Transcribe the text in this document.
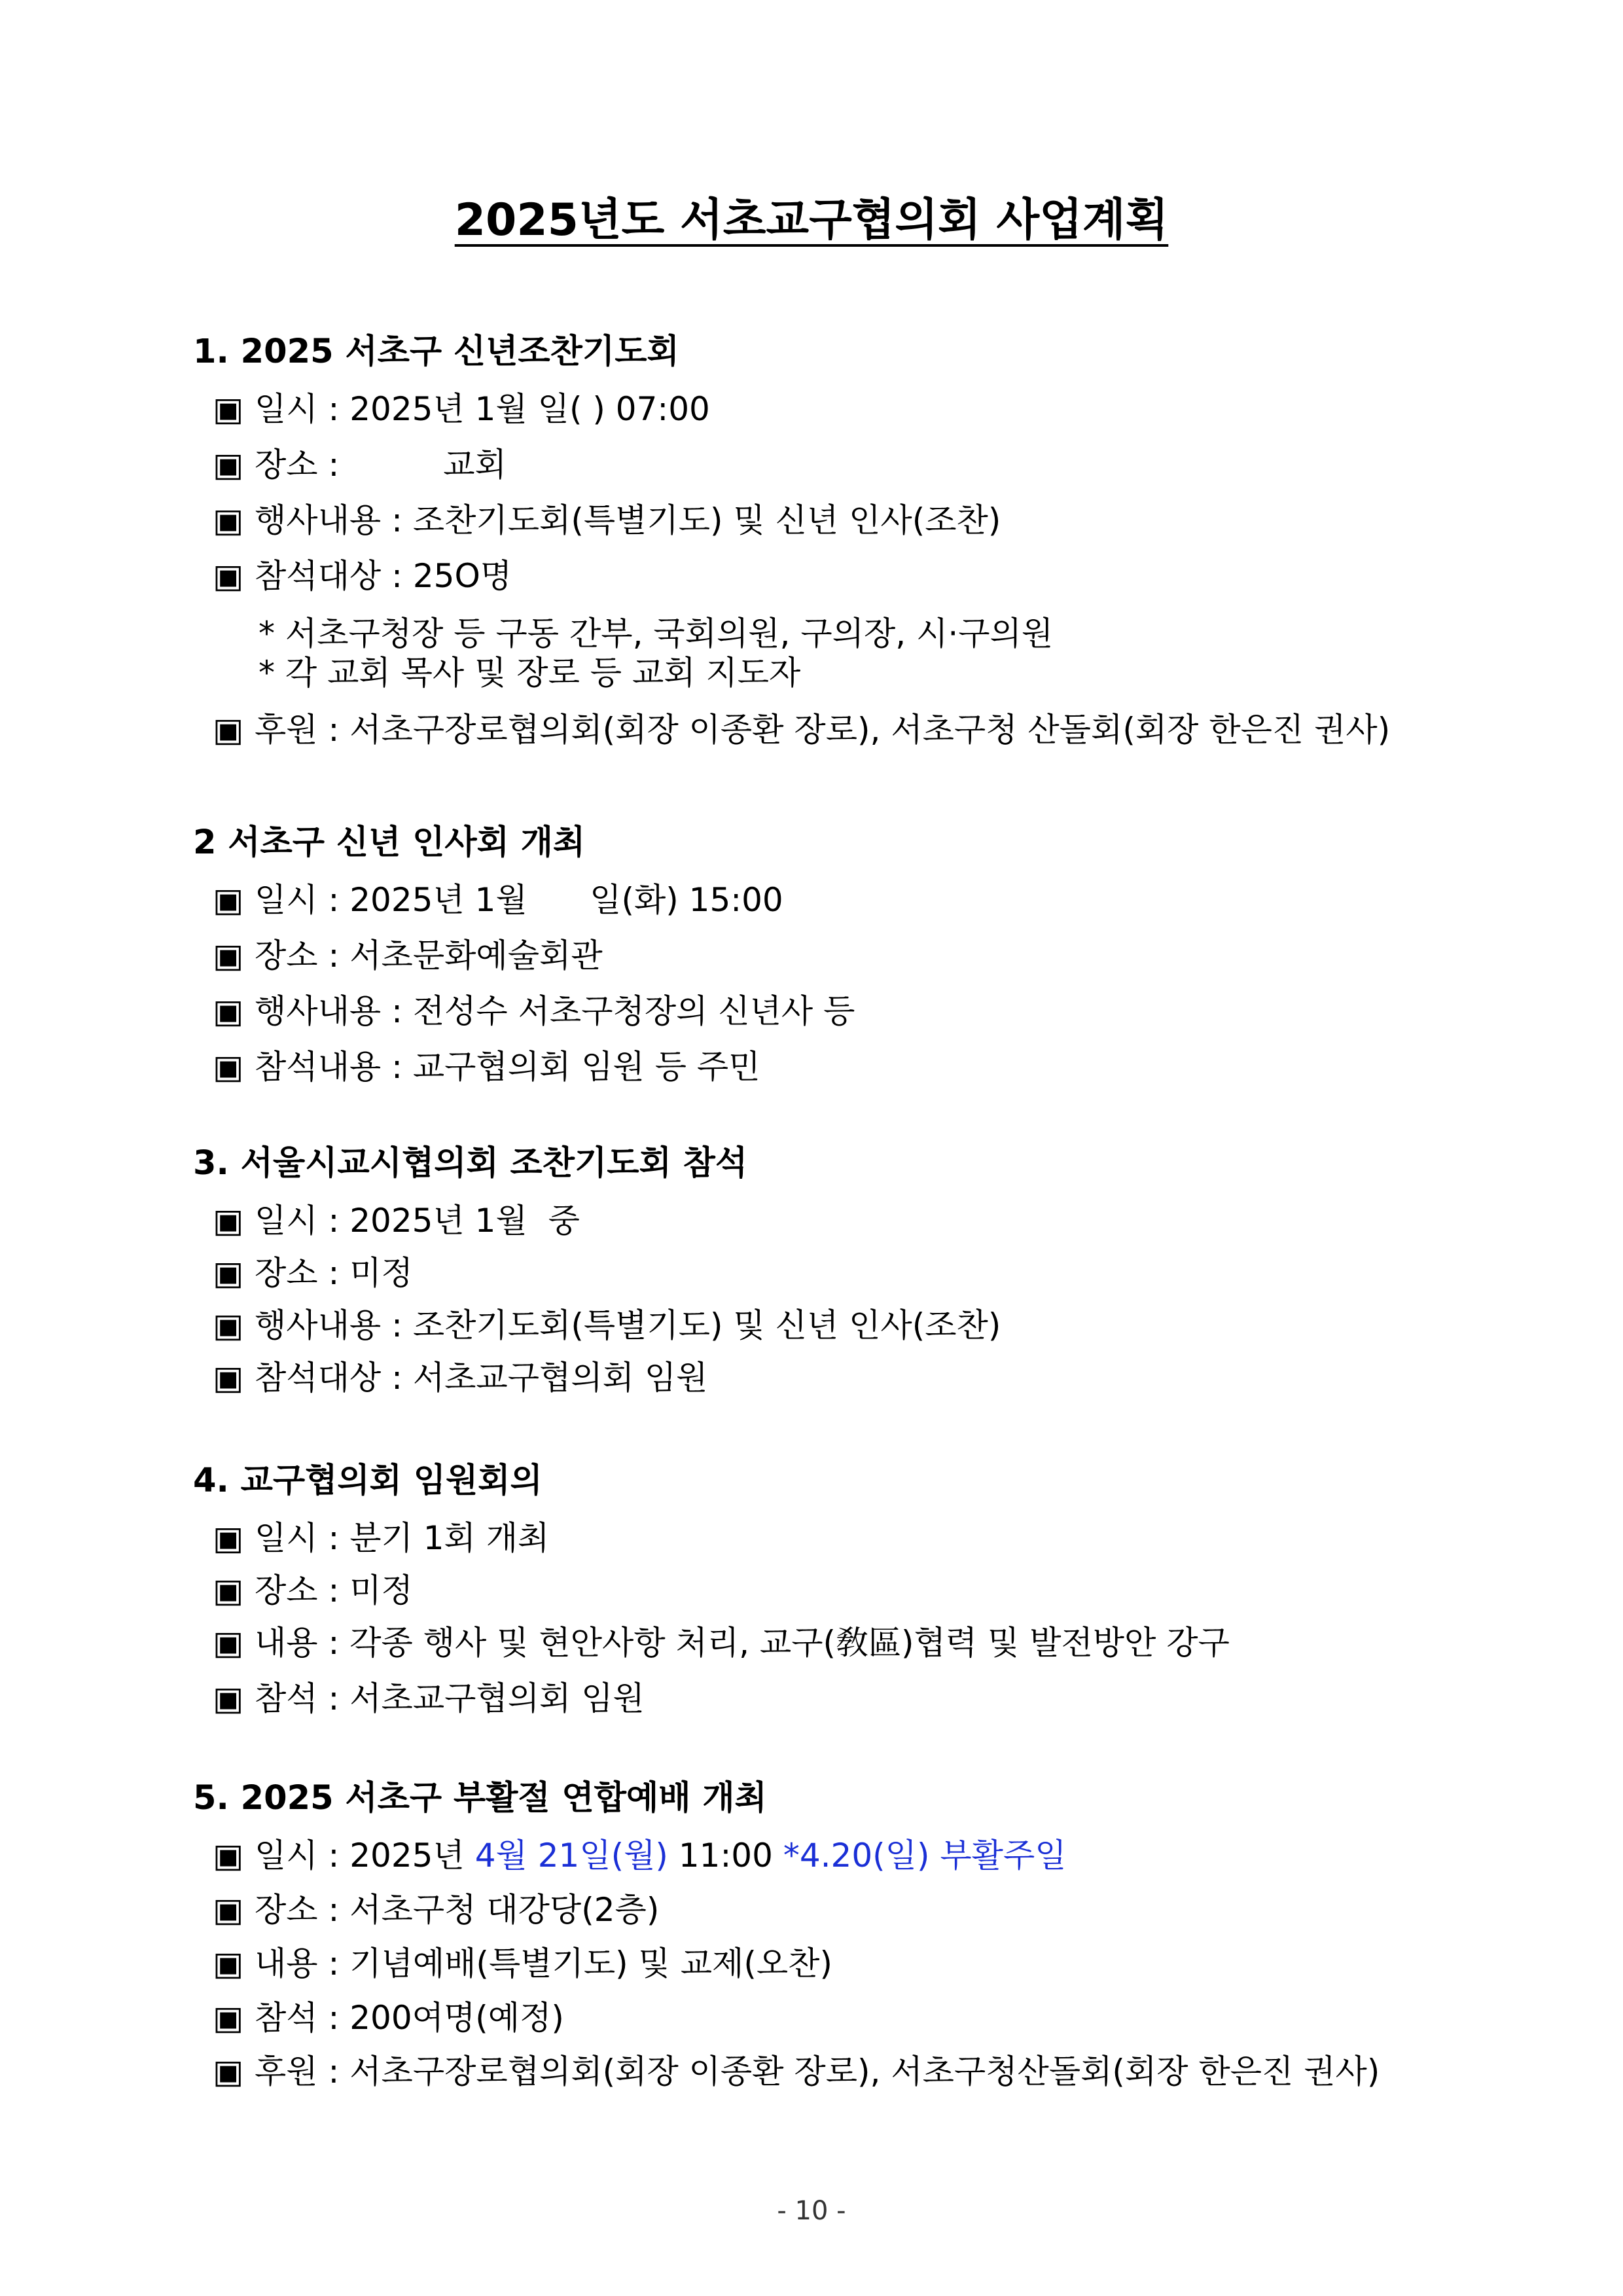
2025년도 서초교구협의회 사업계획
1. 2025 서초구 신년조찬기도회
▣ 일시 : 2025년 1월 일( ) 07:00
▣ 장소 :          교회
▣ 행사내용 : 조찬기도회(특별기도) 및 신년 인사(조찬)
▣ 참석대상 : 25O명
* 서초구청장 등 구동 간부, 국회의원, 구의장, 시·구의원
* 각 교회 목사 및 장로 등 교회 지도자
▣ 후원 : 서초구장로협의회(회장 이종환 장로), 서초구청 산돌회(회장 한은진 권사)
2 서초구 신년 인사회 개최
▣ 일시 : 2025년 1월      일(화) 15:00
▣ 장소 : 서초문화예술회관
▣ 행사내용 : 전성수 서초구청장의 신년사 등
▣ 참석내용 : 교구협의회 임원 등 주민
3. 서울시교시협의회 조찬기도회 참석
▣ 일시 : 2025년 1월  중
▣ 장소 : 미정
▣ 행사내용 : 조찬기도회(특별기도) 및 신년 인사(조찬)
▣ 참석대상 : 서초교구협의회 임원
4. 교구협의회 임원회의
▣ 일시 : 분기 1회 개최
▣ 장소 : 미정
▣ 내용 : 각종 행사 및 현안사항 처리, 교구(敎區)협력 및 발전방안 강구
▣ 참석 : 서초교구협의회 임원
5. 2025 서초구 부활절 연합예배 개최
▣ 일시 : 2025년 4월 21일(월) 11:00 *4.20(일) 부활주일
▣ 장소 : 서초구청 대강당(2층)
▣ 내용 : 기념예배(특별기도) 및 교제(오찬)
▣ 참석 : 200여명(예정)
▣ 후원 : 서초구장로협의회(회장 이종환 장로), 서초구청산돌회(회장 한은진 권사)
- 10 -
